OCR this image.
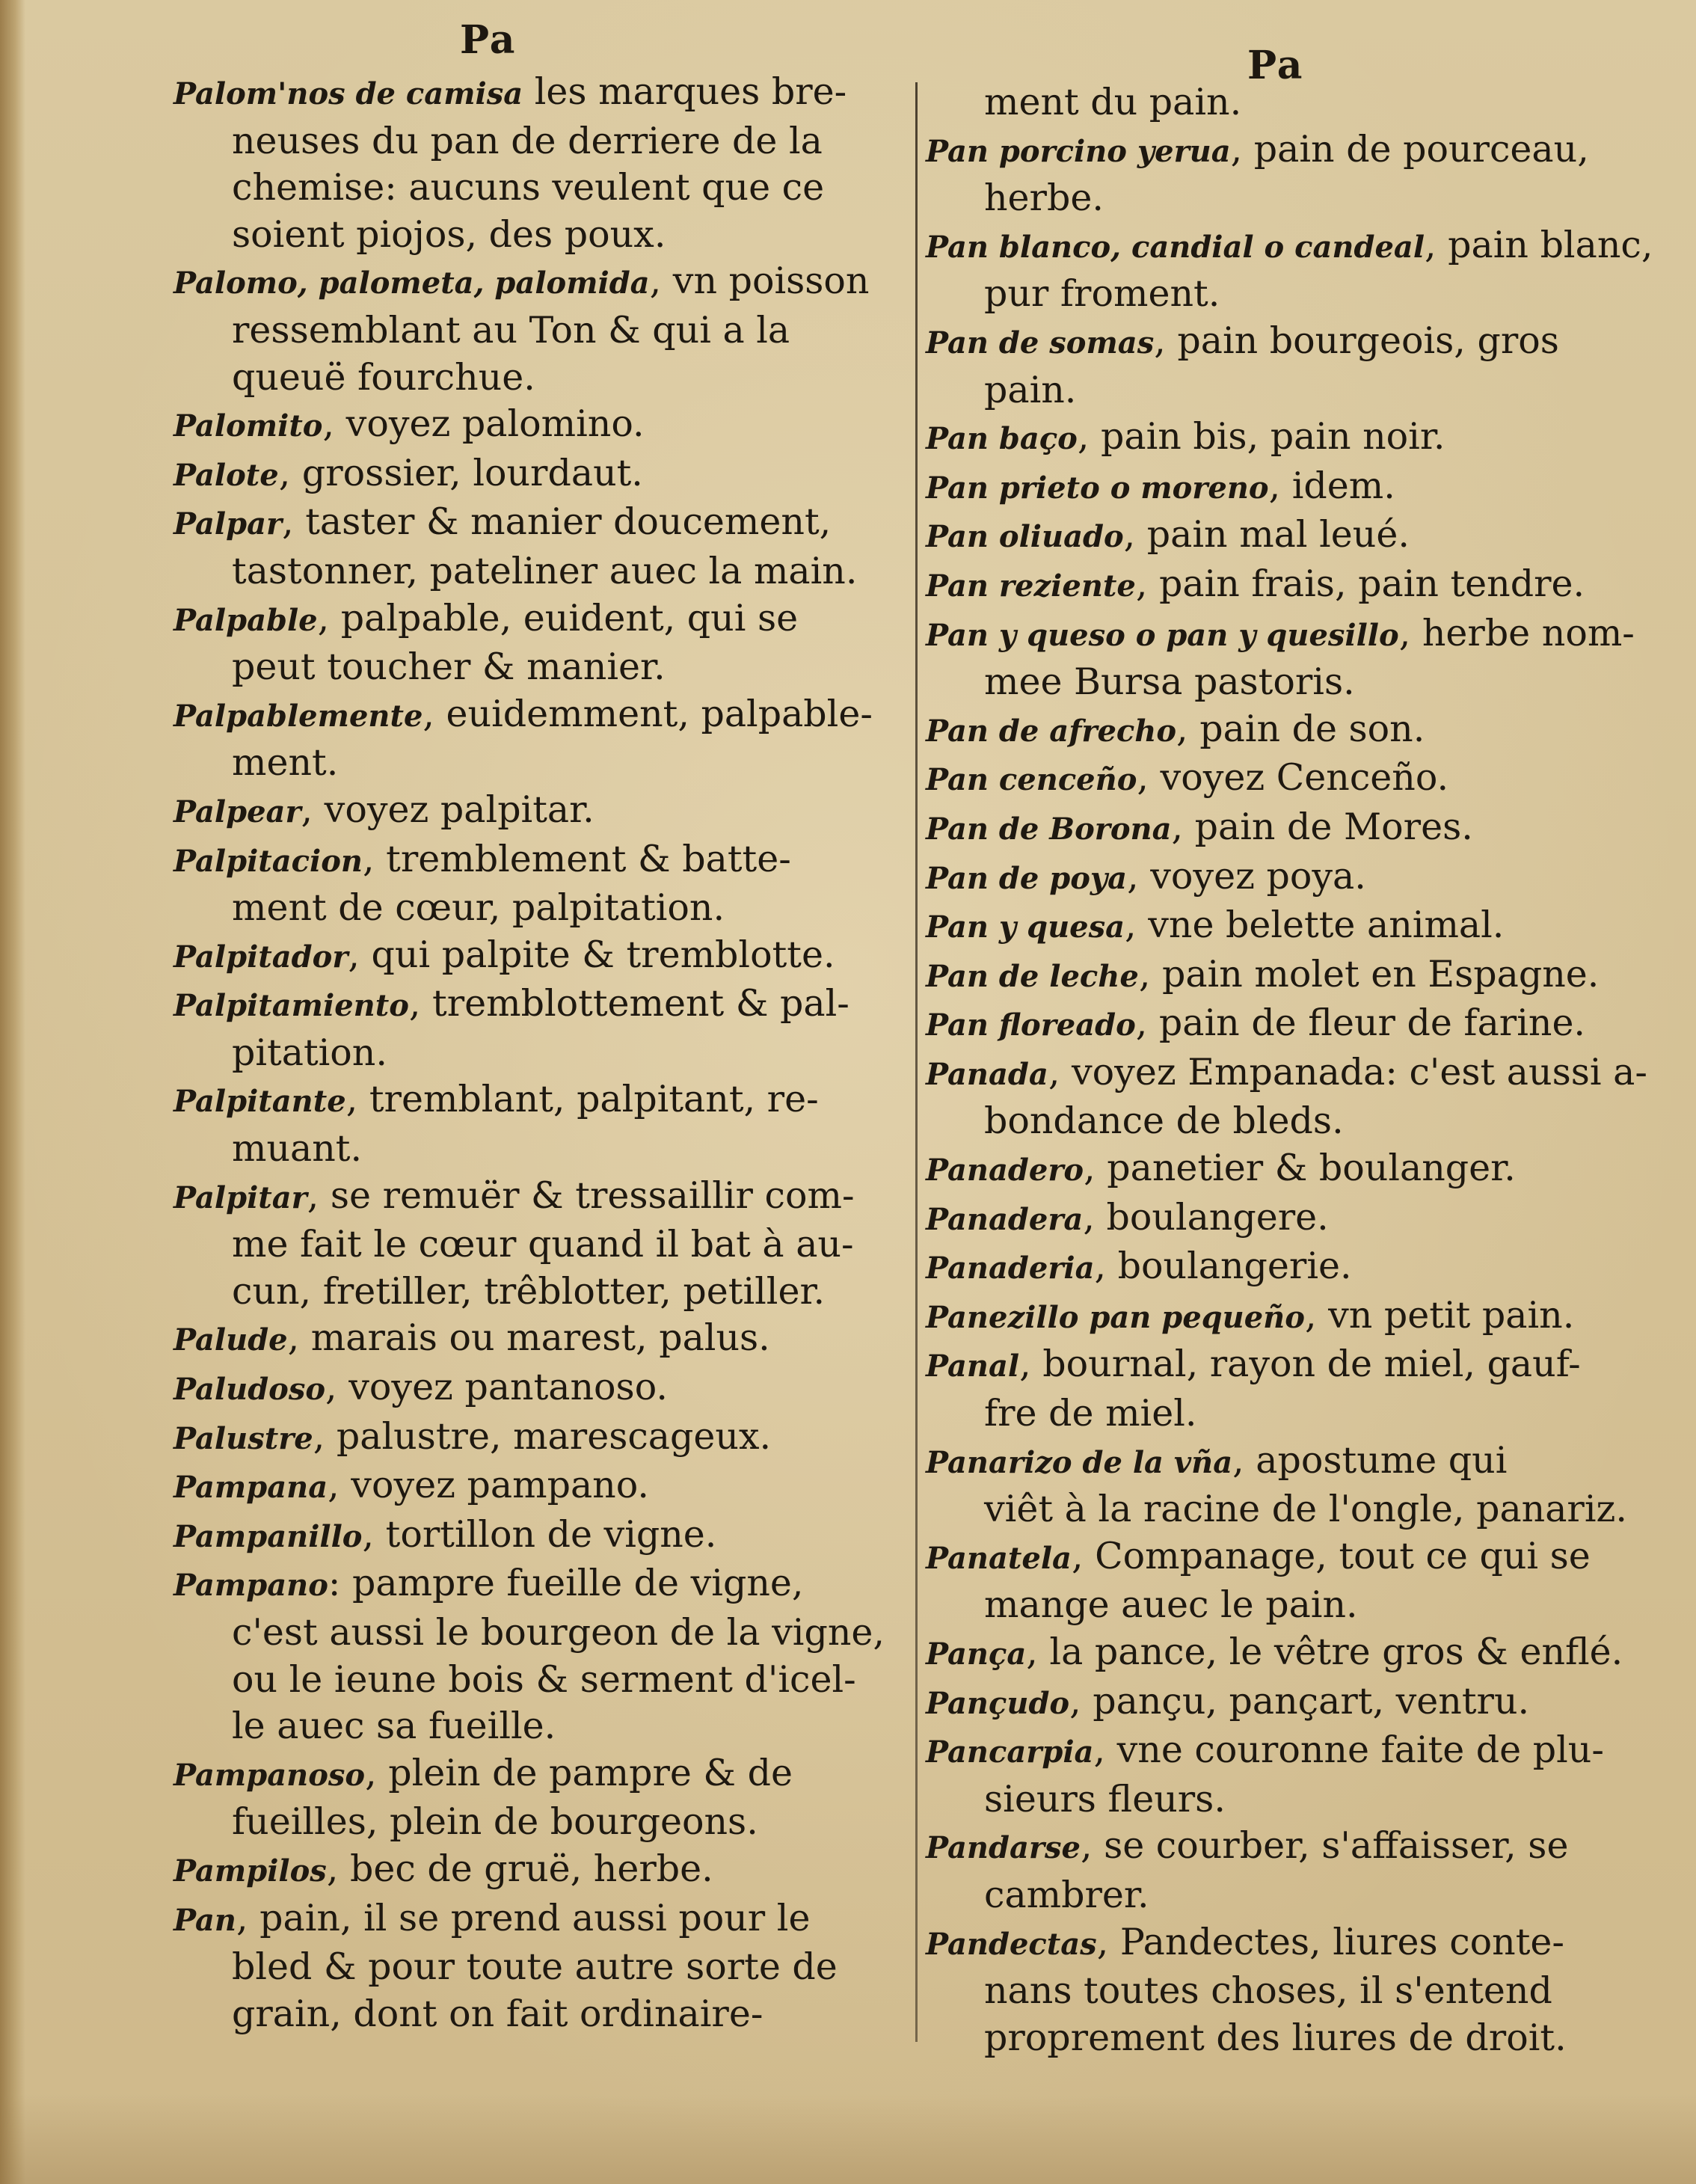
Pa
Pa

Palom'nos de camisa les marques bre-

neuses du pan de derriere de la

chemise: aucuns veulent que ce

soient piojos, des poux.

Palomo, palometa, palomida, vn poisson

ressemblant au Ton & qui a la

queuë fourchue.

Palomito, voyez palomino.

Palote, grossier, lourdaut.

Palpar, taster & manier doucement,

tastonner, pateliner auec la main.

Palpable, palpable, euident, qui se

peut toucher & manier.

Palpablemente, euidemment, palpable-

ment.

Palpear, voyez palpitar.

Palpitacion, tremblement & batte-

ment de cœur, palpitation.

Palpitador, qui palpite & tremblotte.

Palpitamiento, tremblottement & pal-

pitation.

Palpitante, tremblant, palpitant, re-

muant.

Palpitar, se remuër & tressaillir com-

me fait le cœur quand il bat à au-

cun, fretiller, trêblotter, petiller.

Palude, marais ou marest, palus.

Paludoso, voyez pantanoso.

Palustre, palustre, marescageux.

Pampana, voyez pampano.

Pampanillo, tortillon de vigne.

Pampano: pampre fueille de vigne,

c'est aussi le bourgeon de la vigne,

ou le ieune bois & serment d'icel-

le auec sa fueille.

Pampanoso, plein de pampre & de

fueilles, plein de bourgeons.

Pampilos, bec de gruë, herbe.

Pan, pain, il se prend aussi pour le

bled & pour toute autre sorte de

grain, dont on fait ordinaire-

ment du pain.

Pan porcino yerua, pain de pourceau,

herbe.

Pan blanco, candial o candeal, pain blanc,

pur froment.

Pan de somas, pain bourgeois, gros

pain.

Pan baço, pain bis, pain noir.

Pan prieto o moreno, idem.

Pan oliuado, pain mal leué.

Pan reziente, pain frais, pain tendre.

Pan y queso o pan y quesillo, herbe nom-

mee Bursa pastoris.

Pan de afrecho, pain de son.

Pan cenceño, voyez Cenceño.

Pan de Borona, pain de Mores.

Pan de poya, voyez poya.

Pan y quesa, vne belette animal.

Pan de leche, pain molet en Espagne.

Pan floreado, pain de fleur de farine.

Panada, voyez Empanada: c'est aussi a-

bondance de bleds.

Panadero, panetier & boulanger.

Panadera, boulangere.

Panaderia, boulangerie.

Panezillo pan pequeño, vn petit pain.

Panal, bournal, rayon de miel, gauf-

fre de miel.

Panarizo de la vña, apostume qui

viêt à la racine de l'ongle, panariz.

Panatela, Companage, tout ce qui se

mange auec le pain.

Pança, la pance, le vêtre gros & enflé.

Pançudo, pançu, pançart, ventru.

Pancarpia, vne couronne faite de plu-

sieurs fleurs.

Pandarse, se courber, s'affaisser, se

cambrer.

Pandectas, Pandectes, liures conte-

nans toutes choses, il s'entend

proprement des liures de droit.
